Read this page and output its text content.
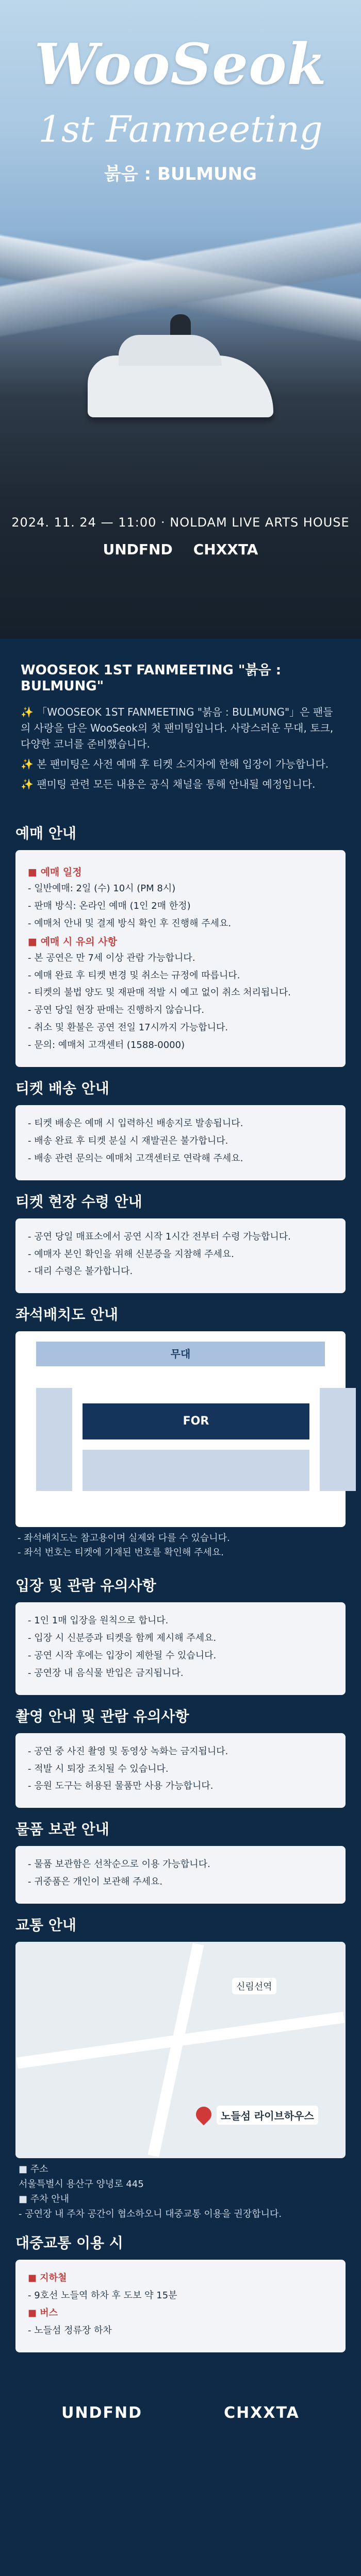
WooSeok
1st Fanmeeting
붉음 : BULMUNG
2024. 11. 24 — 11:00 · NOLDAM LIVE ARTS HOUSE
UNDFND CHXXTA
WOOSEOK 1ST FANMEETING "붉음 : BULMUNG"

✨ 「WOOSEOK 1ST FANMEETING "붉음 : BULMUNG"」은 팬들의 사랑을 담은 WooSeok의 첫 팬미팅입니다. 사랑스러운 무대, 토크, 다양한 코너를 준비했습니다.

✨ 본 팬미팅은 사전 예매 후 티켓 소지자에 한해 입장이 가능합니다.

✨ 팬미팅 관련 모든 내용은 공식 채널을 통해 안내될 예정입니다.

예매 안내
■ 예매 일정
- 일반예매: 2일 (수) 10시 (PM 8시)
- 판매 방식: 온라인 예매 (1인 2매 한정)
- 예매처 안내 및 결제 방식 확인 후 진행해 주세요.
■ 예매 시 유의 사항
- 본 공연은 만 7세 이상 관람 가능합니다.
- 예매 완료 후 티켓 변경 및 취소는 규정에 따릅니다.
- 티켓의 불법 양도 및 재판매 적발 시 예고 없이 취소 처리됩니다.
- 공연 당일 현장 판매는 진행하지 않습니다.
- 취소 및 환불은 공연 전일 17시까지 가능합니다.
- 문의: 예매처 고객센터 (1588-0000)
티켓 배송 안내
- 티켓 배송은 예매 시 입력하신 배송지로 발송됩니다.
- 배송 완료 후 티켓 분실 시 재발권은 불가합니다.
- 배송 관련 문의는 예매처 고객센터로 연락해 주세요.
티켓 현장 수령 안내
- 공연 당일 매표소에서 공연 시작 1시간 전부터 수령 가능합니다.
- 예매자 본인 확인을 위해 신분증을 지참해 주세요.
- 대리 수령은 불가합니다.
좌석배치도 안내
무대
FOR
- 좌석배치도는 참고용이며 실제와 다를 수 있습니다.
- 좌석 번호는 티켓에 기재된 번호를 확인해 주세요.
입장 및 관람 유의사항
- 1인 1매 입장을 원칙으로 합니다.
- 입장 시 신분증과 티켓을 함께 제시해 주세요.
- 공연 시작 후에는 입장이 제한될 수 있습니다.
- 공연장 내 음식물 반입은 금지됩니다.
촬영 안내 및 관람 유의사항
- 공연 중 사진 촬영 및 동영상 녹화는 금지됩니다.
- 적발 시 퇴장 조치될 수 있습니다.
- 응원 도구는 허용된 물품만 사용 가능합니다.
물품 보관 안내
- 물품 보관함은 선착순으로 이용 가능합니다.
- 귀중품은 개인이 보관해 주세요.
교통 안내
신림선역
노들섬 라이브하우스
■ 주소
서울특별시 용산구 양녕로 445
■ 주차 안내
- 공연장 내 주차 공간이 협소하오니 대중교통 이용을 권장합니다.
대중교통 이용 시
■ 지하철
- 9호선 노들역 하차 후 도보 약 15분
■ 버스
- 노들섬 정류장 하차
UNDFND	CHXXTA
